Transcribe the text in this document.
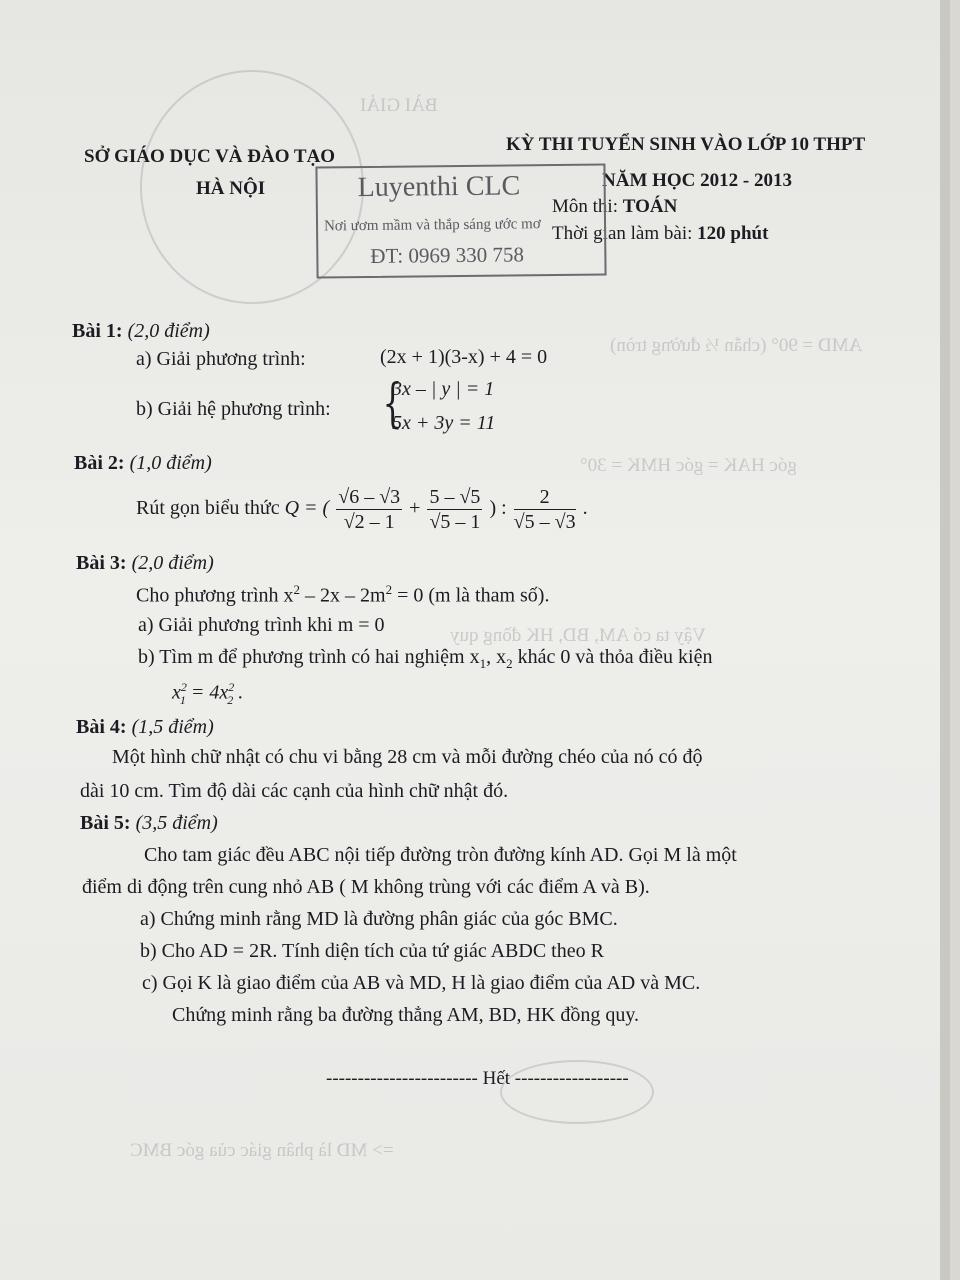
BÀI GIẢI
AMD = 90° (chắn ½ đường tròn)
góc HAK = góc HMK = 30°
Vậy ta có AM, BD, HK đồng quy
=> MD là phân giác của góc BMC
SỞ GIÁO DỤC VÀ ĐÀO TẠO
HÀ NỘI
KỲ THI TUYỂN SINH VÀO LỚP 10 THPT
NĂM HỌC 2012 - 2013
Môn thi: TOÁN
Thời gian làm bài: 120 phút
Luyenthi CLC
Nơi ươm mầm và thắp sáng ước mơ
ĐT: 0969 330 758
Bài 1: (2,0 điểm)
a) Giải phương trình:	(2x + 1)(3-x) + 4 = 0
b) Giải hệ phương trình: {
3x – | y | = 1
5x + 3y = 11
Bài 2: (1,0 điểm)
Rút gọn biểu thức Q = ( $\frac{√6 - √3}{√2 - 1} + \frac{5 - √5}{√5 - 1}$ ) : $\frac{2}{√5 - √3}$ .
Bài 3: (2,0 điểm)
Cho phương trình $x^2 - 2x - 2m^2 = 0$ (m là tham số).
a) Giải phương trình khi m = 0
b) Tìm m để phương trình có hai nghiệm $x_1$, $x_2$ khác 0 và thỏa điều kiện
$x^2_1 = 4x^2_2$ .
Bài 4: (1,5 điểm)
Một hình chữ nhật có chu vi bằng 28 cm và mỗi đường chéo của nó có độ
dài 10 cm. Tìm độ dài các cạnh của hình chữ nhật đó.
Bài 5: (3,5 điểm)
Cho tam giác đều ABC nội tiếp đường tròn đường kính AD. Gọi M là một
điểm di động trên cung nhỏ AB ( M không trùng với các điểm A và B).
a) Chứng minh rằng MD là đường phân giác của góc BMC.
b) Cho AD = 2R. Tính diện tích của tứ giác ABDC theo R
c) Gọi K là giao điểm của AB và MD, H là giao điểm của AD và MC.
Chứng minh rằng ba đường thẳng AM, BD, HK đồng quy.
------------------------ Hết ------------------
